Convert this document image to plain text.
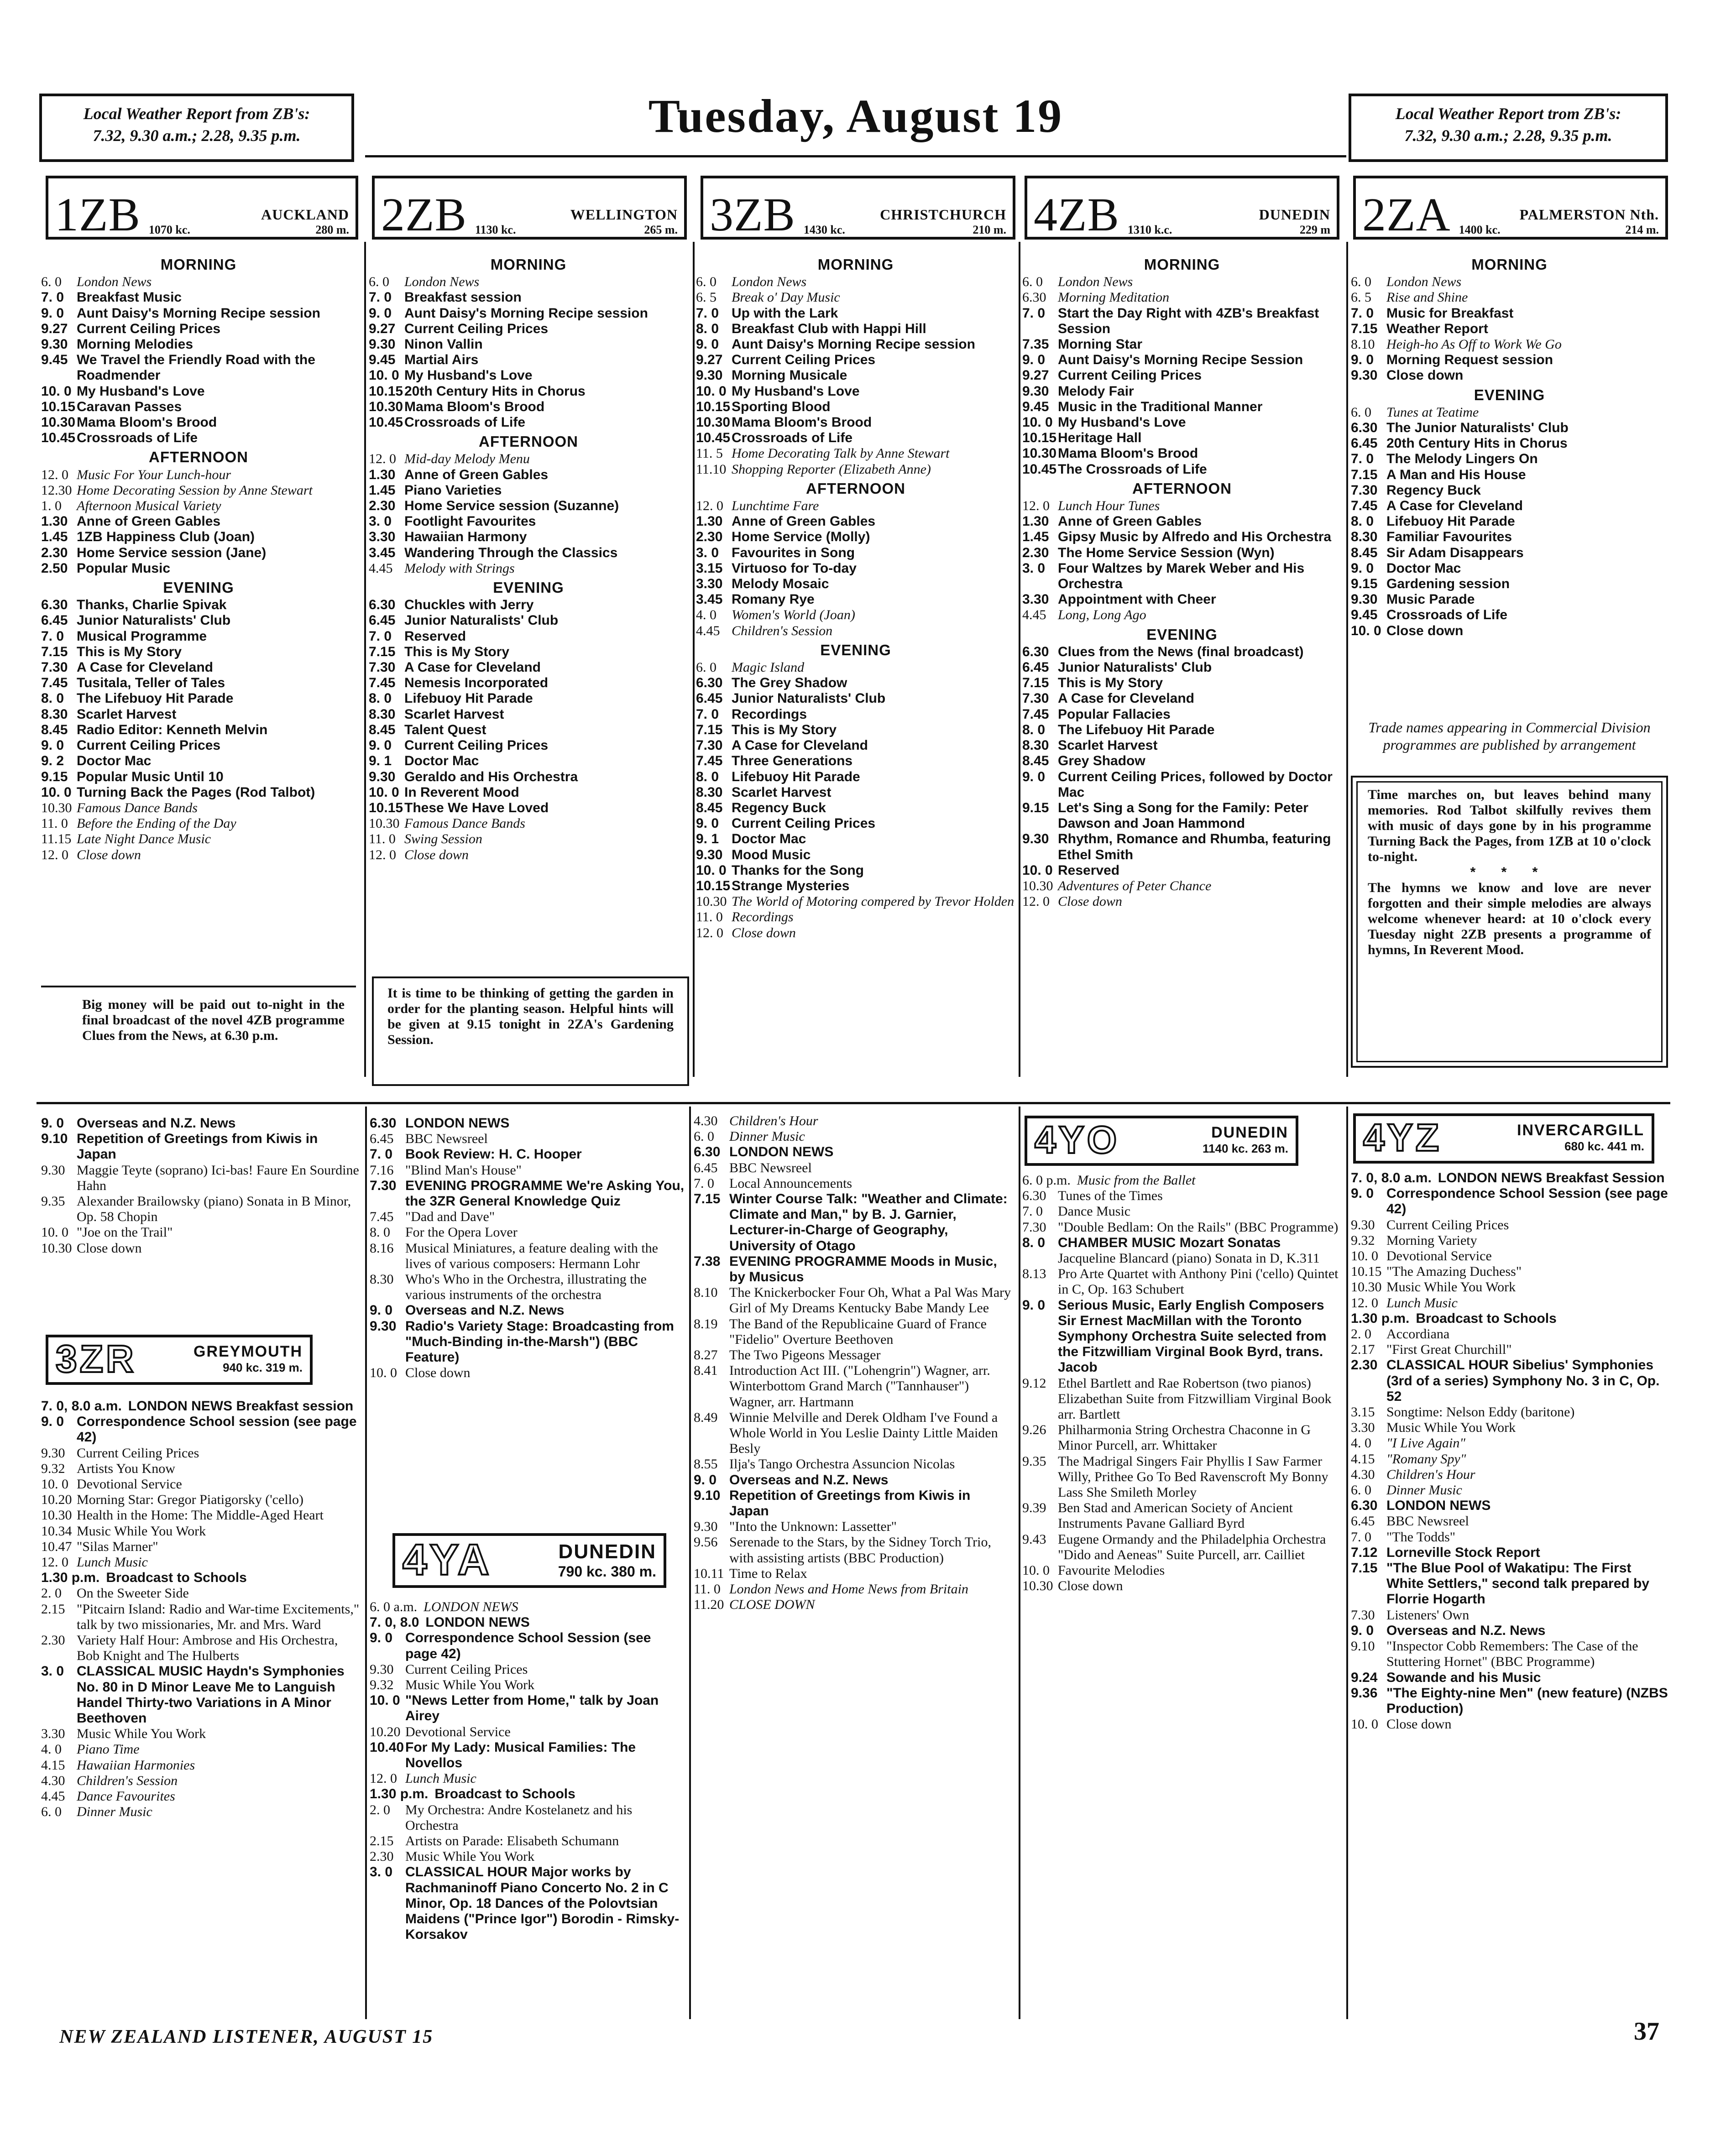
Local Weather Report from ZB's:
7.32, 9.30 a.m.; 2.28, 9.35 p.m.	Tuesday, August 19	Local Weather Report trom ZB's:
7.32, 9.30 a.m.; 2.28, 9.35 p.m.
1ZB	AUCKLAND
1070 kc.	280 m. 2ZB	WELLINGTON
1130 kc.	265 m. 3ZB	CHRISTCHURCH
1430 kc.	210 m. 4ZB	DUNEDIN
1310 k.c.	229 m 2ZA	PALMERSTON Nth.
1400 kc.	214 m.
MORNING
6. 0	London News
7. 0 Breakfast Music
9. 0 Aunt Daisy's Morning Recipe session
9.27 Current Ceiling Prices
9.30 Morning Melodies
9.45 We Travel the Friendly Road with the Roadmender
10. 0 My Husband's Love
10.15 Caravan Passes
10.30 Mama Bloom's Brood
10.45 Crossroads of Life
AFTERNOON
12. 0 Music For Your Lunch-hour
12.30 Home Decorating Session by Anne Stewart
1. 0	Afternoon Musical Variety
1.30 Anne of Green Gables
1.45 1ZB Happiness Club (Joan)
2.30 Home Service session (Jane)
2.50 Popular Music
EVENING
6.30 Thanks, Charlie Spivak
6.45 Junior Naturalists' Club
7. 0 Musical Programme
7.15 This is My Story
7.30 A Case for Cleveland
7.45 Tusitala, Teller of Tales
8. 0 The Lifebuoy Hit Parade
8.30 Scarlet Harvest
8.45 Radio Editor: Kenneth Melvin
9. 0 Current Ceiling Prices
9. 2 Doctor Mac
9.15 Popular Music Until 10
10. 0 Turning Back the Pages (Rod Talbot)
10.30 Famous Dance Bands
11. 0 Before the Ending of the Day
11.15 Late Night Dance Music
12. 0 Close down
MORNING
6. 0	London News
7. 0 Breakfast session
9. 0 Aunt Daisy's Morning Recipe session
9.27 Current Ceiling Prices
9.30 Ninon Vallin
9.45 Martial Airs
10. 0 My Husband's Love
10.15 20th Century Hits in Chorus
10.30 Mama Bloom's Brood
10.45 Crossroads of Life
AFTERNOON
12. 0 Mid-day Melody Menu
1.30 Anne of Green Gables
1.45 Piano Varieties
2.30 Home Service session (Suzanne)
3. 0 Footlight Favourites
3.30 Hawaiian Harmony
3.45 Wandering Through the Classics
4.45 Melody with Strings
EVENING
6.30 Chuckles with Jerry
6.45 Junior Naturalists' Club
7. 0 Reserved
7.15 This is My Story
7.30 A Case for Cleveland
7.45 Nemesis Incorporated
8. 0 Lifebuoy Hit Parade
8.30 Scarlet Harvest
8.45 Talent Quest
9. 0 Current Ceiling Prices
9. 1 Doctor Mac
9.30 Geraldo and His Orchestra
10. 0 In Reverent Mood
10.15 These We Have Loved
10.30 Famous Dance Bands
11. 0 Swing Session
12. 0 Close down
MORNING
6. 0	London News
6. 5	Break o' Day Music
7. 0 Up with the Lark
8. 0 Breakfast Club with Happi Hill
9. 0 Aunt Daisy's Morning Recipe session
9.27 Current Ceiling Prices
9.30 Morning Musicale
10. 0 My Husband's Love
10.15 Sporting Blood
10.30 Mama Bloom's Brood
10.45 Crossroads of Life
11. 5 Home Decorating Talk by Anne Stewart
11.10 Shopping Reporter (Elizabeth Anne)
AFTERNOON
12. 0 Lunchtime Fare
1.30 Anne of Green Gables
2.30 Home Service (Molly)
3. 0 Favourites in Song
3.15 Virtuoso for To-day
3.30 Melody Mosaic
3.45 Romany Rye
4. 0	Women's World (Joan)
4.45 Children's Session
EVENING
6. 0	Magic Island
6.30 The Grey Shadow
6.45 Junior Naturalists' Club
7. 0 Recordings
7.15 This is My Story
7.30 A Case for Cleveland
7.45 Three Generations
8. 0 Lifebuoy Hit Parade
8.30 Scarlet Harvest
8.45 Regency Buck
9. 0 Current Ceiling Prices
9. 1 Doctor Mac
9.30 Mood Music
10. 0 Thanks for the Song
10.15 Strange Mysteries
10.30 The World of Motoring compered by Trevor Holden
11. 0 Recordings
12. 0 Close down
MORNING
6. 0	London News
6.30 Morning Meditation
7. 0 Start the Day Right with 4ZB's Breakfast Session
7.35 Morning Star
9. 0 Aunt Daisy's Morning Recipe Session
9.27 Current Ceiling Prices
9.30 Melody Fair
9.45 Music in the Traditional Manner
10. 0 My Husband's Love
10.15 Heritage Hall
10.30 Mama Bloom's Brood
10.45 The Crossroads of Life
AFTERNOON
12. 0 Lunch Hour Tunes
1.30 Anne of Green Gables
1.45 Gipsy Music by Alfredo and His Orchestra
2.30 The Home Service Session (Wyn)
3. 0 Four Waltzes by Marek Weber and His Orchestra
3.30 Appointment with Cheer
4.45 Long, Long Ago
EVENING
6.30 Clues from the News (final broadcast)
6.45 Junior Naturalists' Club
7.15 This is My Story
7.30 A Case for Cleveland
7.45 Popular Fallacies
8. 0 The Lifebuoy Hit Parade
8.30 Scarlet Harvest
8.45 Grey Shadow
9. 0 Current Ceiling Prices, followed by Doctor Mac
9.15 Let's Sing a Song for the Family: Peter Dawson and Joan Hammond
9.30 Rhythm, Romance and Rhumba, featuring Ethel Smith
10. 0 Reserved
10.30 Adventures of Peter Chance
12. 0 Close down
MORNING
6. 0	London News
6. 5	Rise and Shine
7. 0 Music for Breakfast
7.15 Weather Report
8.10 Heigh-ho As Off to Work We Go
9. 0 Morning Request session
9.30 Close down
EVENING
6. 0	Tunes at Teatime
6.30 The Junior Naturalists' Club
6.45 20th Century Hits in Chorus
7. 0 The Melody Lingers On
7.15 A Man and His House
7.30 Regency Buck
7.45 A Case for Cleveland
8. 0 Lifebuoy Hit Parade
8.30 Familiar Favourites
8.45 Sir Adam Disappears
9. 0 Doctor Mac
9.15 Gardening session
9.30 Music Parade
9.45 Crossroads of Life
10. 0 Close down
Big money will be paid out to-night in the final broadcast of the novel 4ZB programme Clues from the News, at 6.30 p.m.
It is time to be thinking of getting the garden in order for the planting season. Helpful hints will be given at 9.15 tonight in 2ZA's Gardening Session.
Trade names appearing in Commercial Division programmes are published by arrangement
Time marches on, but leaves behind many memories. Rod Talbot skilfully revives them with music of days gone by in his programme Turning Back the Pages, from 1ZB at 10 o'clock to-night.
* * *
The hymns we know and love are never forgotten and their simple melodies are always welcome whenever heard: at 10 o'clock every Tuesday night 2ZB presents a programme of hymns, In Reverent Mood.
9. 0 Overseas and N.Z. News
9.10 Repetition of Greetings from Kiwis in Japan
9.30 Maggie Teyte (soprano) Ici-bas! Faure En Sourdine Hahn
9.35 Alexander Brailowsky (piano) Sonata in B Minor, Op. 58 Chopin
10. 0 "Joe on the Trail"
10.30 Close down
3ZR	GREYMOUTH
940 kc. 319 m.
7. 0, 8.0 a.m. LONDON NEWS Breakfast session
9. 0 Correspondence School session (see page 42)
9.30 Current Ceiling Prices
9.32 Artists You Know
10. 0 Devotional Service
10.20 Morning Star: Gregor Piatigorsky ('cello)
10.30 Health in the Home: The Middle-Aged Heart
10.34 Music While You Work
10.47 "Silas Marner"
12. 0 Lunch Music
1.30 p.m. Broadcast to Schools
2. 0	On the Sweeter Side
2.15 "Pitcairn Island: Radio and War-time Excitements," talk by two missionaries, Mr. and Mrs. Ward
2.30 Variety Half Hour: Ambrose and His Orchestra, Bob Knight and The Hulberts
3. 0 CLASSICAL MUSIC Haydn's Symphonies No. 80 in D Minor Leave Me to Languish Handel Thirty-two Variations in A Minor Beethoven
3.30 Music While You Work
4. 0	Piano Time
4.15 Hawaiian Harmonies
4.30 Children's Session
4.45 Dance Favourites
6. 0	Dinner Music
6.30 LONDON NEWS
6.45 BBC Newsreel
7. 0 Book Review: H. C. Hooper
7.16 "Blind Man's House"
7.30 EVENING PROGRAMME We're Asking You, the 3ZR General Knowledge Quiz
7.45 "Dad and Dave"
8. 0	For the Opera Lover
8.16 Musical Miniatures, a feature dealing with the lives of various composers: Hermann Lohr
8.30 Who's Who in the Orchestra, illustrating the various instruments of the orchestra
9. 0 Overseas and N.Z. News
9.30 Radio's Variety Stage: Broadcasting from "Much-Binding in-the-Marsh") (BBC Feature)
10. 0 Close down
4YA	DUNEDIN
790 kc. 380 m.
6. 0 a.m. LONDON NEWS
7. 0, 8.0 LONDON NEWS
9. 0 Correspondence School Session (see page 42)
9.30 Current Ceiling Prices
9.32 Music While You Work
10. 0 "News Letter from Home," talk by Joan Airey
10.20 Devotional Service
10.40 For My Lady: Musical Families: The Novellos
12. 0 Lunch Music
1.30 p.m. Broadcast to Schools
2. 0	My Orchestra: Andre Kostelanetz and his Orchestra
2.15 Artists on Parade: Elisabeth Schumann
2.30 Music While You Work
3. 0 CLASSICAL HOUR Major works by Rachmaninoff Piano Concerto No. 2 in C Minor, Op. 18 Dances of the Polovtsian Maidens ("Prince Igor") Borodin - Rimsky-Korsakov
4.30 Children's Hour
6. 0	Dinner Music
6.30 LONDON NEWS
6.45 BBC Newsreel
7. 0	Local Announcements
7.15 Winter Course Talk: "Weather and Climate: Climate and Man," by B. J. Garnier, Lecturer-in-Charge of Geography, University of Otago
7.38 EVENING PROGRAMME Moods in Music, by Musicus
8.10 The Knickerbocker Four Oh, What a Pal Was Mary Girl of My Dreams Kentucky Babe Mandy Lee
8.19 The Band of the Republicaine Guard of France "Fidelio" Overture Beethoven
8.27 The Two Pigeons Messager
8.41 Introduction Act III. ("Lohengrin") Wagner, arr. Winterbottom Grand March ("Tannhauser") Wagner, arr. Hartmann
8.49 Winnie Melville and Derek Oldham I've Found a Whole World in You Leslie Dainty Little Maiden Besly
8.55 Ilja's Tango Orchestra Assuncion Nicolas
9. 0 Overseas and N.Z. News
9.10 Repetition of Greetings from Kiwis in Japan
9.30 "Into the Unknown: Lassetter"
9.56 Serenade to the Stars, by the Sidney Torch Trio, with assisting artists (BBC Production)
10.11 Time to Relax
11. 0 London News and Home News from Britain
11.20 CLOSE DOWN
4YO	DUNEDIN
1140 kc. 263 m.
6. 0 p.m. Music from the Ballet
6.30 Tunes of the Times
7. 0	Dance Music
7.30 "Double Bedlam: On the Rails" (BBC Programme)
8. 0 CHAMBER MUSIC Mozart Sonatas
Jacqueline Blancard (piano) Sonata in D, K.311
8.13 Pro Arte Quartet with Anthony Pini ('cello) Quintet in C, Op. 163 Schubert
9. 0 Serious Music, Early English Composers Sir Ernest MacMillan with the Toronto Symphony Orchestra Suite selected from the Fitzwilliam Virginal Book Byrd, trans. Jacob
9.12 Ethel Bartlett and Rae Robertson (two pianos) Elizabethan Suite from Fitzwilliam Virginal Book arr. Bartlett
9.26 Philharmonia String Orchestra Chaconne in G Minor Purcell, arr. Whittaker
9.35 The Madrigal Singers Fair Phyllis I Saw Farmer Willy, Prithee Go To Bed Ravenscroft My Bonny Lass She Smileth Morley
9.39 Ben Stad and American Society of Ancient Instruments Pavane Galliard Byrd
9.43 Eugene Ormandy and the Philadelphia Orchestra "Dido and Aeneas" Suite Purcell, arr. Cailliet
10. 0 Favourite Melodies
10.30 Close down
4YZ	INVERCARGILL
680 kc. 441 m.
7. 0, 8.0 a.m. LONDON NEWS Breakfast Session
9. 0 Correspondence School Session (see page 42)
9.30 Current Ceiling Prices
9.32 Morning Variety
10. 0 Devotional Service
10.15 "The Amazing Duchess"
10.30 Music While You Work
12. 0 Lunch Music
1.30 p.m. Broadcast to Schools
2. 0	Accordiana
2.17 "First Great Churchill"
2.30 CLASSICAL HOUR Sibelius' Symphonies (3rd of a series) Symphony No. 3 in C, Op. 52
3.15 Songtime: Nelson Eddy (baritone)
3.30 Music While You Work
4. 0	"I Live Again"
4.15 "Romany Spy"
4.30 Children's Hour
6. 0	Dinner Music
6.30 LONDON NEWS
6.45 BBC Newsreel
7. 0	"The Todds"
7.12 Lorneville Stock Report
7.15 "The Blue Pool of Wakatipu: The First White Settlers," second talk prepared by Florrie Hogarth
7.30 Listeners' Own
9. 0 Overseas and N.Z. News
9.10 "Inspector Cobb Remembers: The Case of the Stuttering Hornet" (BBC Programme)
9.24 Sowande and his Music
9.36 "The Eighty-nine Men" (new feature) (NZBS Production)
10. 0 Close down
NEW ZEALAND LISTENER, AUGUST 15	37
